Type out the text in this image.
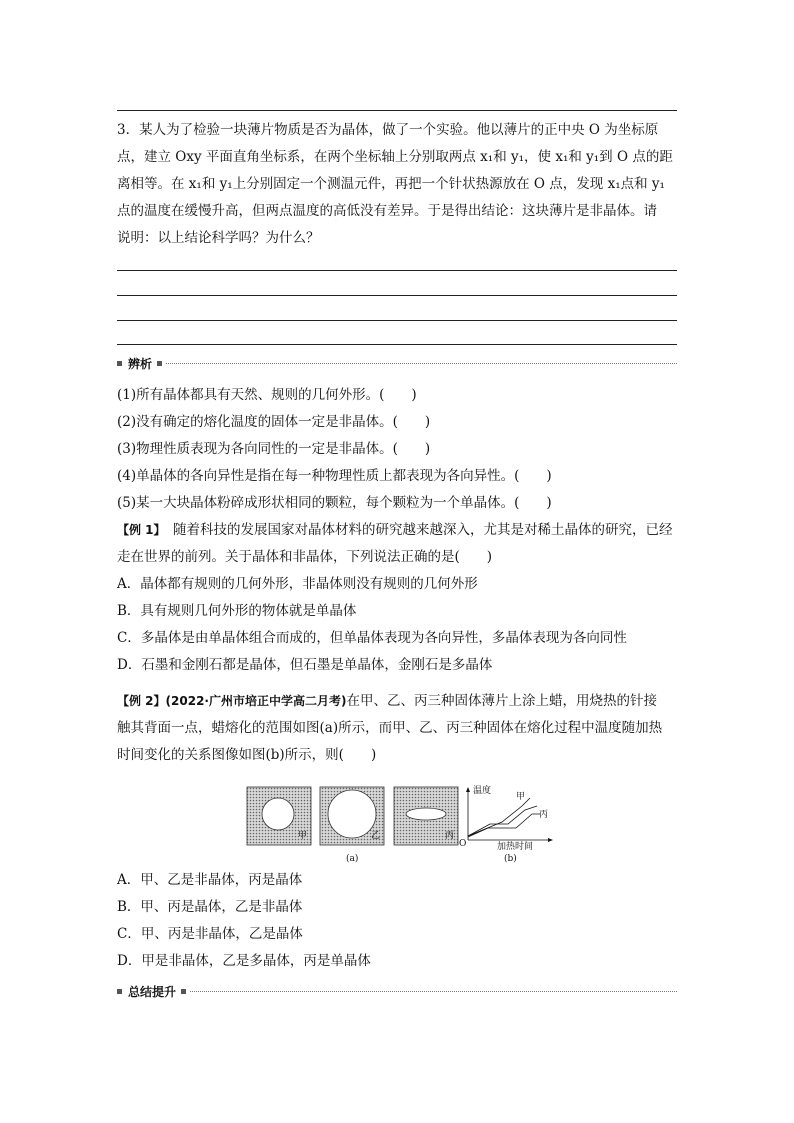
3．某人为了检验一块薄片物质是否为晶体，做了一个实验。他以薄片的正中央 O 为坐标原
点，建立 Oxy 平面直角坐标系，在两个坐标轴上分别取两点 x₁和 y₁，使 x₁和 y₁到 O 点的距
离相等。在 x₁和 y₁上分别固定一个测温元件，再把一个针状热源放在 O 点，发现 x₁点和 y₁
点的温度在缓慢升高，但两点温度的高低没有差异。于是得出结论：这块薄片是非晶体。请
说明：以上结论科学吗？为什么？
辨析
(1)所有晶体都具有天然、规则的几何外形。(　　)
(2)没有确定的熔化温度的固体一定是非晶体。(　　)
(3)物理性质表现为各向同性的一定是非晶体。(　　)
(4)单晶体的各向异性是指在每一种物理性质上都表现为各向异性。(　　)
(5)某一大块晶体粉碎成形状相同的颗粒，每个颗粒为一个单晶体。(　　)
【例 1】　随着科技的发展国家对晶体材料的研究越来越深入，尤其是对稀土晶体的研究，已经
走在世界的前列。关于晶体和非晶体，下列说法正确的是(　　)
A．晶体都有规则的几何外形，非晶体则没有规则的几何外形
B．具有规则几何外形的物体就是单晶体
C．多晶体是由单晶体组合而成的，但单晶体表现为各向异性，多晶体表现为各向同性
D．石墨和金刚石都是晶体，但石墨是单晶体，金刚石是多晶体
【例 2】(2022·广州市培正中学高二月考)在甲、乙、丙三种固体薄片上涂上蜡，用烧热的针接
触其背面一点，蜡熔化的范围如图(a)所示，而甲、乙、丙三种固体在熔化过程中温度随加热
时间变化的关系图像如图(b)所示，则(　　)
甲	乙	丙
温度
甲
丙
O	加热时间
(a)	(b)
A．甲、乙是非晶体，丙是晶体
B．甲、丙是晶体，乙是非晶体
C．甲、丙是非晶体，乙是晶体
D．甲是非晶体，乙是多晶体，丙是单晶体
总结提升
